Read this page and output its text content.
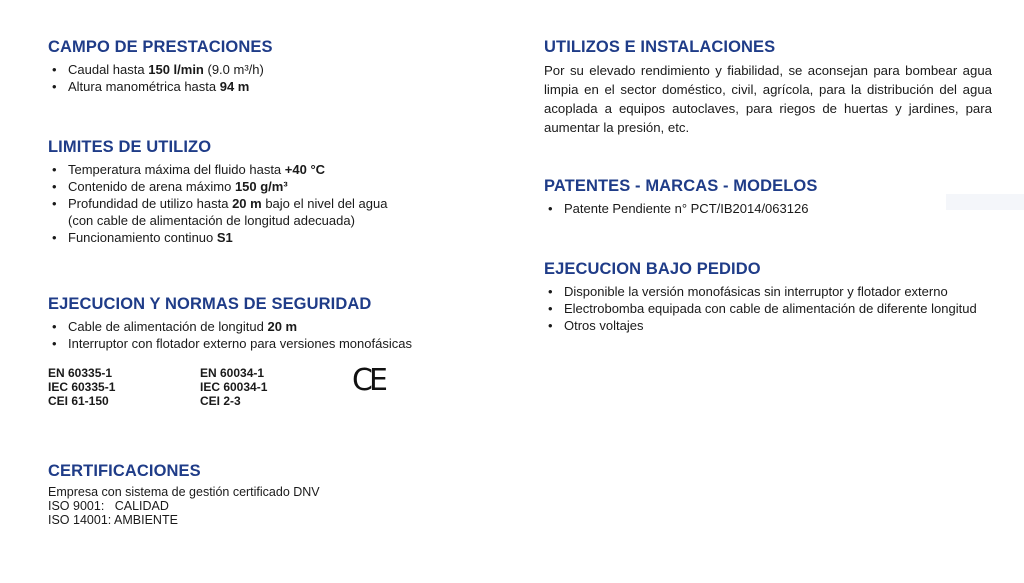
CAMPO DE PRESTACIONES
• Caudal hasta 150 l/min (9.0 m³/h)
• Altura manométrica hasta 94 m
LIMITES DE UTILIZO
• Temperatura máxima del fluido hasta +40 °C
• Contenido de arena máximo 150 g/m³
• Profundidad de utilizo hasta 20 m bajo el nivel del agua
(con cable de alimentación de longitud adecuada)
• Funcionamiento continuo S1
EJECUCION Y NORMAS DE SEGURIDAD
• Cable de alimentación de longitud 20 m
• Interruptor con flotador externo para versiones monofásicas
EN 60335-1
IEC 60335-1
CEI 61-150
EN 60034-1
IEC 60034-1
CEI 2-3
CE
CERTIFICACIONES
Empresa con sistema de gestión certificado DNV
ISO 9001:   CALIDAD
ISO 14001: AMBIENTE
UTILIZOS E INSTALACIONES

Por su elevado rendimiento y fiabilidad, se aconsejan para bombear agua limpia en el sector doméstico, civil, agrícola, para la distribución del agua acoplada a equipos autoclaves, para riegos de huertas y jardines, para aumentar la presión, etc.

PATENTES - MARCAS - MODELOS
• Patente Pendiente n° PCT/IB2014/063126
EJECUCION BAJO PEDIDO
• Disponible la versión monofásicas sin interruptor y flotador externo
• Electrobomba equipada con cable de alimentación de diferente longitud
• Otros voltajes
